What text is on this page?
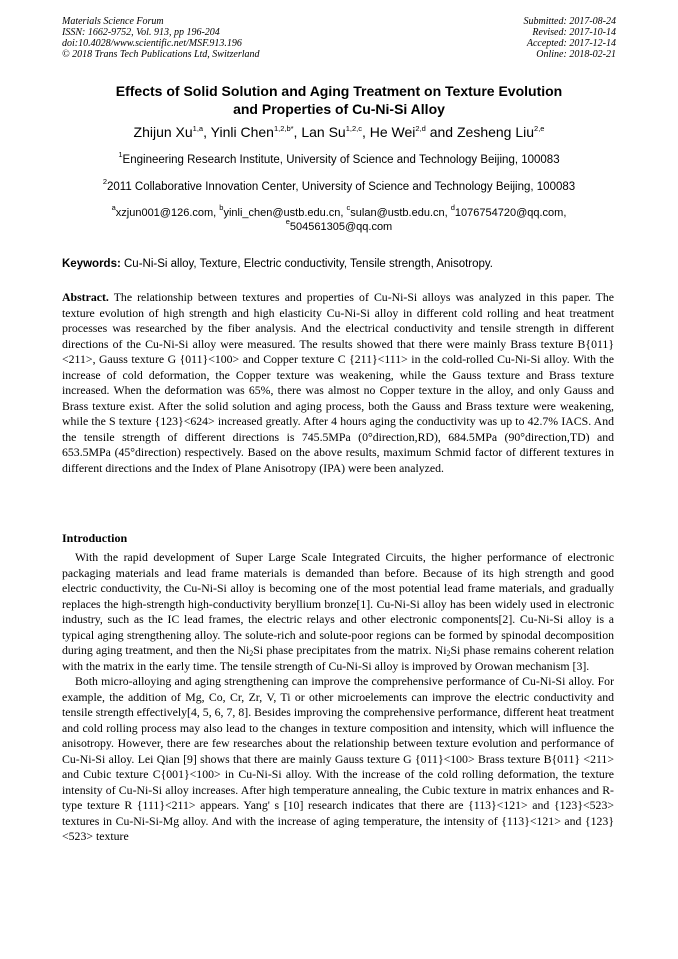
Materials Science Forum
ISSN: 1662-9752, Vol. 913, pp 196-204
doi:10.4028/www.scientific.net/MSF.913.196
© 2018 Trans Tech Publications Ltd, Switzerland
Submitted: 2017-08-24
Revised: 2017-10-14
Accepted: 2017-12-14
Online: 2018-02-21
Effects of Solid Solution and Aging Treatment on Texture Evolution
and Properties of Cu-Ni-Si Alloy
Zhijun Xu$^{1,a}$, Yinli Chen$^{1,2,b*}$, Lan Su$^{1,2,c}$, He Wei$^{2,d}$ and Zesheng Liu$^{2,e}$
$^1$Engineering Research Institute, University of Science and Technology Beijing, 100083
$^2$2011 Collaborative Innovation Center, University of Science and Technology Beijing, 100083
$^a$xzjun001@126.com, $^b$yinli_chen@ustb.edu.cn, $^c$sulan@ustb.edu.cn, $^d$1076754720@qq.com,
$^e$504561305@qq.com
Keywords: Cu-Ni-Si alloy, Texture, Electric conductivity, Tensile strength, Anisotropy.
Abstract. The relationship between textures and properties of Cu-Ni-Si alloys was analyzed in this paper. The texture evolution of high strength and high elasticity Cu-Ni-Si alloy in different cold rolling and heat treatment processes was researched by the fiber analysis. And the electrical conductivity and tensile strength in different directions of the Cu-Ni-Si alloy were measured. The results showed that there were mainly Brass texture B{011}<211>, Gauss texture G {011}<100> and Copper texture C {211}<111> in the cold-rolled Cu-Ni-Si alloy. With the increase of cold deformation, the Copper texture was weakening, while the Gauss texture and Brass texture increased. When the deformation was 65%, there was almost no Copper texture in the alloy, and only Gauss and Brass texture exist. After the solid solution and aging process, both the Gauss and Brass texture were weakening, while the S texture {123}<624> increased greatly. After 4 hours aging the conductivity was up to 42.7% IACS. And the tensile strength of different directions is 745.5MPa (0°direction,RD), 684.5MPa (90°direction,TD) and 653.5MPa (45°direction) respectively. Based on the above results, maximum Schmid factor of different textures in different directions and the Index of Plane Anisotropy (IPA) were been analyzed.
Introduction

With the rapid development of Super Large Scale Integrated Circuits, the higher performance of electronic packaging materials and lead frame materials is demanded than before. Because of its high strength and good electric conductivity, the Cu-Ni-Si alloy is becoming one of the most potential lead frame materials, and gradually replaces the high-strength high-conductivity beryllium bronze[1]. Cu-Ni-Si alloy has been widely used in electronic industry, such as the IC lead frames, the electric relays and other electronic components[2]. Cu-Ni-Si alloy is a typical aging strengthening alloy. The solute-rich and solute-poor regions can be formed by spinodal decomposition during aging treatment, and then the $Ni_2Si$ phase precipitates from the matrix. $Ni_2Si$ phase remains coherent relation with the matrix in the early time. The tensile strength of Cu-Ni-Si alloy is improved by Orowan mechanism [3].

Both micro-alloying and aging strengthening can improve the comprehensive performance of Cu-Ni-Si alloy. For example, the addition of Mg, Co, Cr, Zr, V, Ti or other microelements can improve the electric conductivity and tensile strength effectively[4, 5, 6, 7, 8]. Besides improving the comprehensive performance, different heat treatment and cold rolling process may also lead to the changes in texture composition and intensity, which will influence the anisotropy. However, there are few researches about the relationship between texture evolution and performance of Cu-Ni-Si alloy. Lei Qian [9] shows that there are mainly Gauss texture G {011}<100> Brass texture B{011} <211> and Cubic texture C{001}<100> in Cu-Ni-Si alloy. With the increase of the cold rolling deformation, the texture intensity of Cu-Ni-Si alloy increases. After high temperature annealing, the Cubic texture in matrix enhances and R-type texture R {111}<211> appears. Yang' s [10] research indicates that there are {113}<121> and {123}<523> textures in Cu-Ni-Si-Mg alloy. And with the increase of aging temperature, the intensity of {113}<121> and {123}<523> texture
